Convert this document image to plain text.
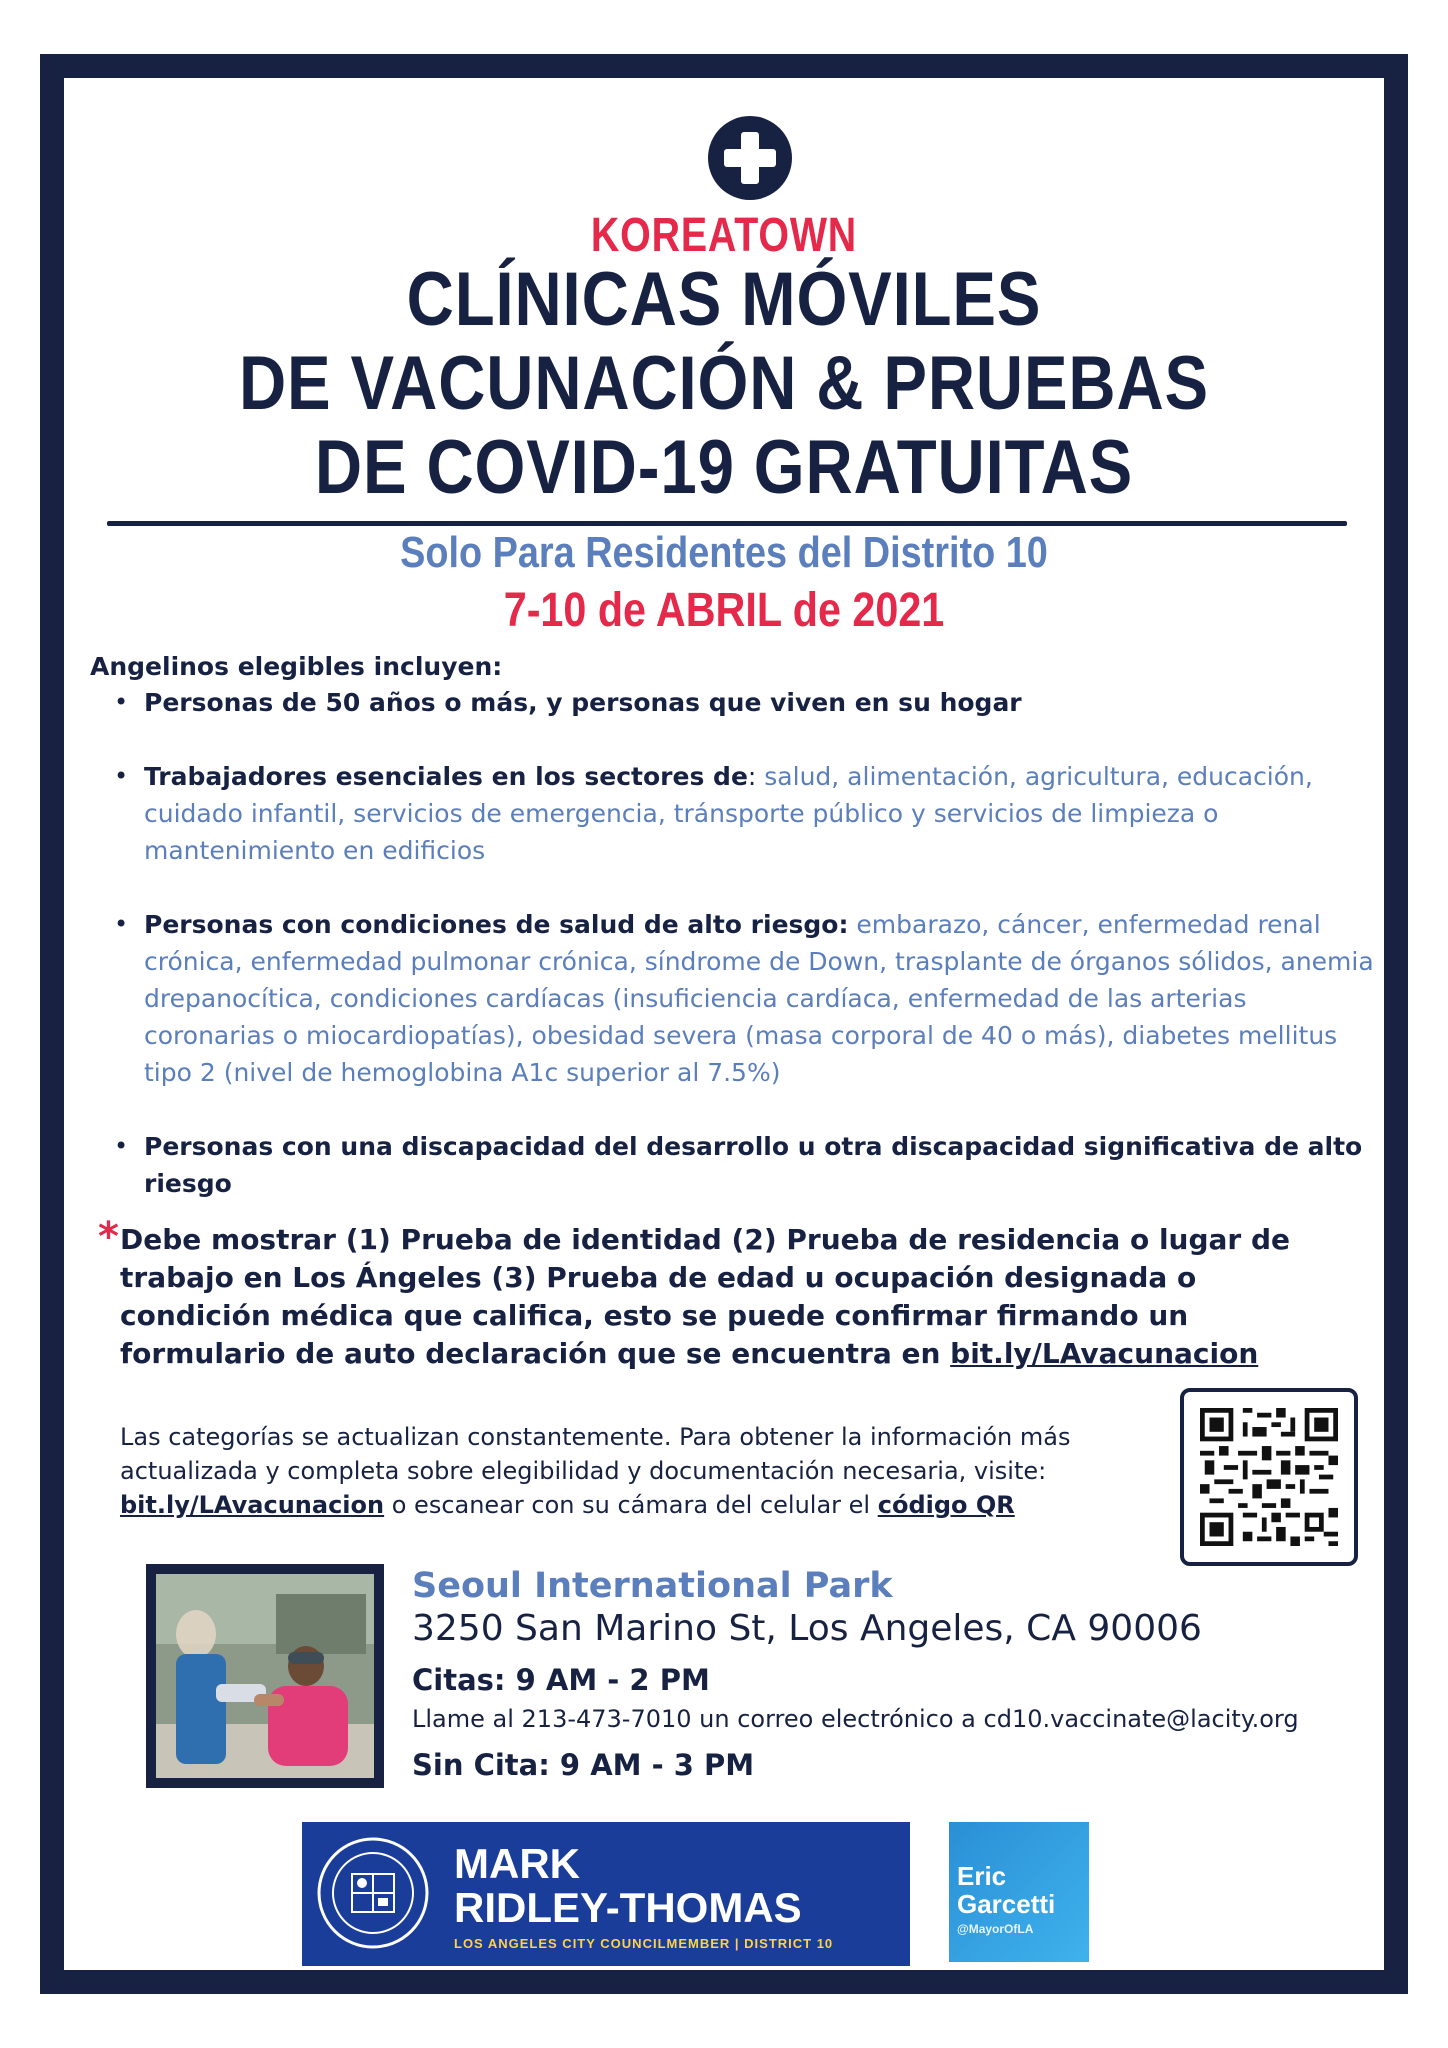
KOREATOWN
CLÍNICAS MÓVILES
DE VACUNACIÓN & PRUEBAS
DE COVID-19 GRATUITAS
Solo Para Residentes del Distrito 10
7-10 de ABRIL de 2021
Angelinos elegibles incluyen:
• Personas de 50 años o más, y personas que viven en su hogar
• Trabajadores esenciales en los sectores de: salud, alimentación, agricultura, educación, cuidado infantil, servicios de emergencia, tránsporte público y servicios de limpieza o mantenimiento en edificios
• Personas con condiciones de salud de alto riesgo: embarazo, cáncer, enfermedad renal crónica, enfermedad pulmonar crónica, síndrome de Down, trasplante de órganos sólidos, anemia drepanocítica, condiciones cardíacas (insuficiencia cardíaca, enfermedad de las arterias coronarias o miocardiopatías), obesidad severa (masa corporal de 40 o más), diabetes mellitus tipo 2 (nivel de hemoglobina A1c superior al 7.5%)
• Personas con una discapacidad del desarrollo u otra discapacidad significativa de alto riesgo
* Debe mostrar (1) Prueba de identidad (2) Prueba de residencia o lugar de trabajo en Los Ángeles (3) Prueba de edad u ocupación designada o condición médica que califica, esto se puede confirmar firmando un formulario de auto declaración que se encuentra en bit.ly/LAvacunacion
Las categorías se actualizan constantemente. Para obtener la información más actualizada y completa sobre elegibilidad y documentación necesaria, visite: bit.ly/LAvacunacion o escanear con su cámara del celular el código QR
Seoul International Park
3250 San Marino St, Los Angeles, CA 90006
Citas: 9 AM - 2 PM
Llame al 213-473-7010 un correo electrónico a cd10.vaccinate@lacity.org
Sin Cita: 9 AM - 3 PM
MARK
RIDLEY-THOMAS
LOS ANGELES CITY COUNCILMEMBER | DISTRICT 10
Eric
Garcetti
@MayorOfLA
